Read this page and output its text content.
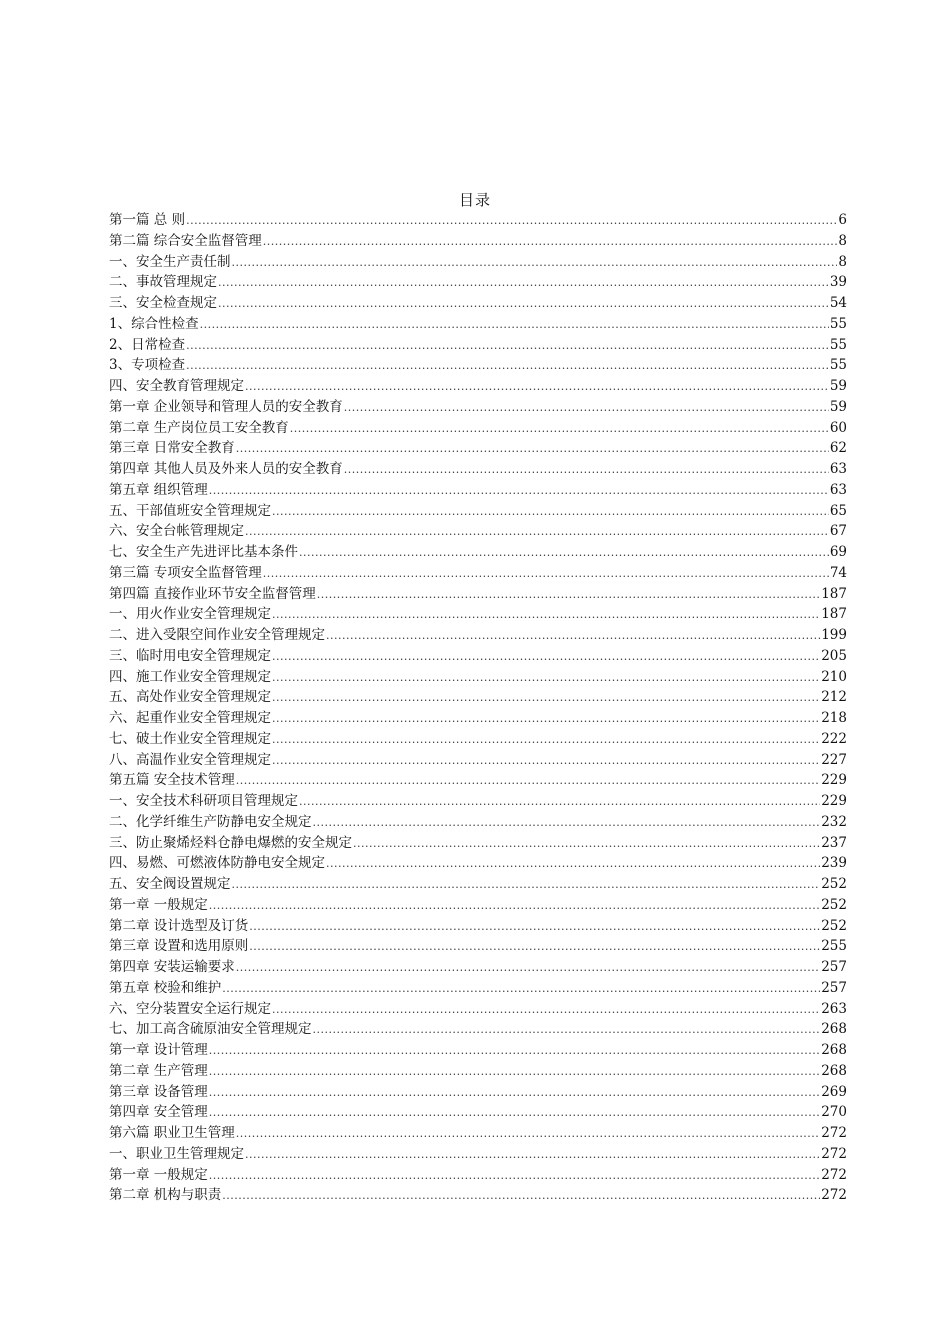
目录
第一篇 总 则 .....	6
第二篇 综合安全监督管理 .....	8
一、安全生产责任制 .....	8
二、事故管理规定 .....	39
三、安全检查规定 .....	54
1、综合性检查 .....	55
2、日常检查 .....	55
3、专项检查 .....	55
四、安全教育管理规定 .....	59
第一章 企业领导和管理人员的安全教育 .....	59
第二章 生产岗位员工安全教育 .....	60
第三章 日常安全教育 .....	62
第四章 其他人员及外来人员的安全教育 .....	63
第五章 组织管理 .....	63
五、干部值班安全管理规定 .....	65
六、安全台帐管理规定 .....	67
七、安全生产先进评比基本条件 .....	69
第三篇 专项安全监督管理 .....	74
第四篇 直接作业环节安全监督管理 .....	187
一、用火作业安全管理规定 .....	187
二、进入受限空间作业安全管理规定 .....	199
三、临时用电安全管理规定 .....	205
四、施工作业安全管理规定 .....	210
五、高处作业安全管理规定 .....	212
六、起重作业安全管理规定 .....	218
七、破土作业安全管理规定 .....	222
八、高温作业安全管理规定 .....	227
第五篇 安全技术管理 .....	229
一、安全技术科研项目管理规定 .....	229
二、化学纤维生产防静电安全规定 .....	232
三、防止聚烯烃料仓静电爆燃的安全规定 .....	237
四、易燃、可燃液体防静电安全规定 .....	239
五、安全阀设置规定 .....	252
第一章 一般规定 .....	252
第二章 设计选型及订货 .....	252
第三章 设置和选用原则 .....	255
第四章 安装运输要求 .....	257
第五章 校验和维护 .....	257
六、空分装置安全运行规定 .....	263
七、加工高含硫原油安全管理规定 .....	268
第一章 设计管理 .....	268
第二章 生产管理 .....	268
第三章 设备管理 .....	269
第四章 安全管理 .....	270
第六篇 职业卫生管理 .....	272
一、职业卫生管理规定 .....	272
第一章 一般规定 .....	272
第二章 机构与职责 .....	272
